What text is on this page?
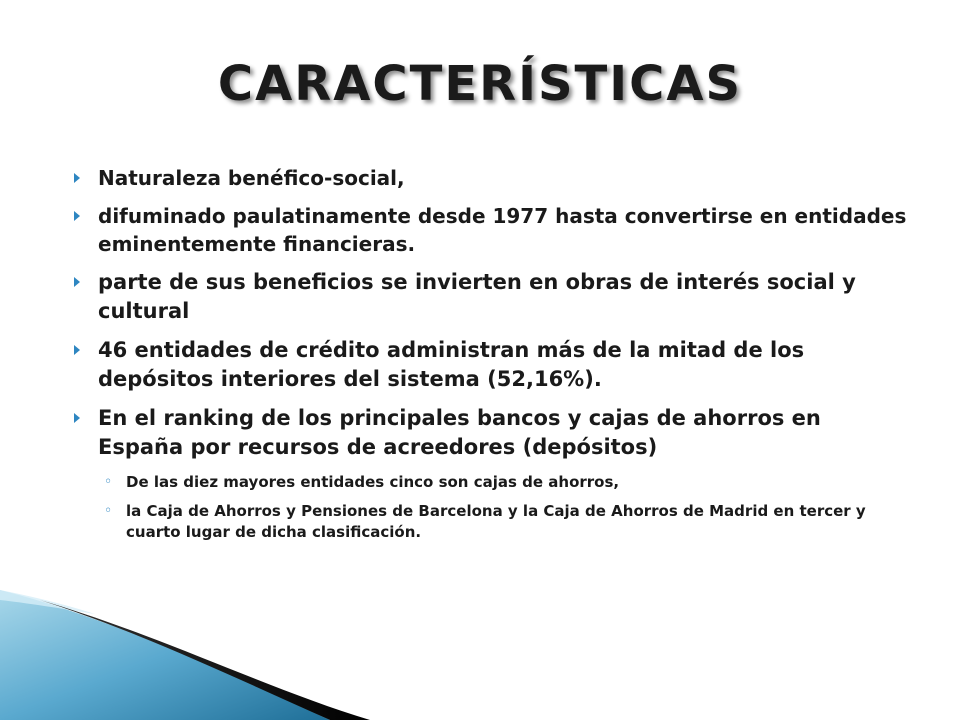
CARACTERÍSTICAS
Naturaleza benéfico-social,
difuminado paulatinamente desde 1977 hasta convertirse en entidades eminentemente financieras.
parte de sus beneficios se invierten en obras de interés social y cultural
46 entidades de crédito administran más de la mitad de los depósitos interiores del sistema (52,16%).
En el ranking de los principales bancos y cajas de ahorros en España por recursos de acreedores (depósitos)
◦ De las diez mayores entidades cinco son cajas de ahorros,
◦ la Caja de Ahorros y Pensiones de Barcelona y la Caja de Ahorros de Madrid en tercer y cuarto lugar de dicha clasificación.
